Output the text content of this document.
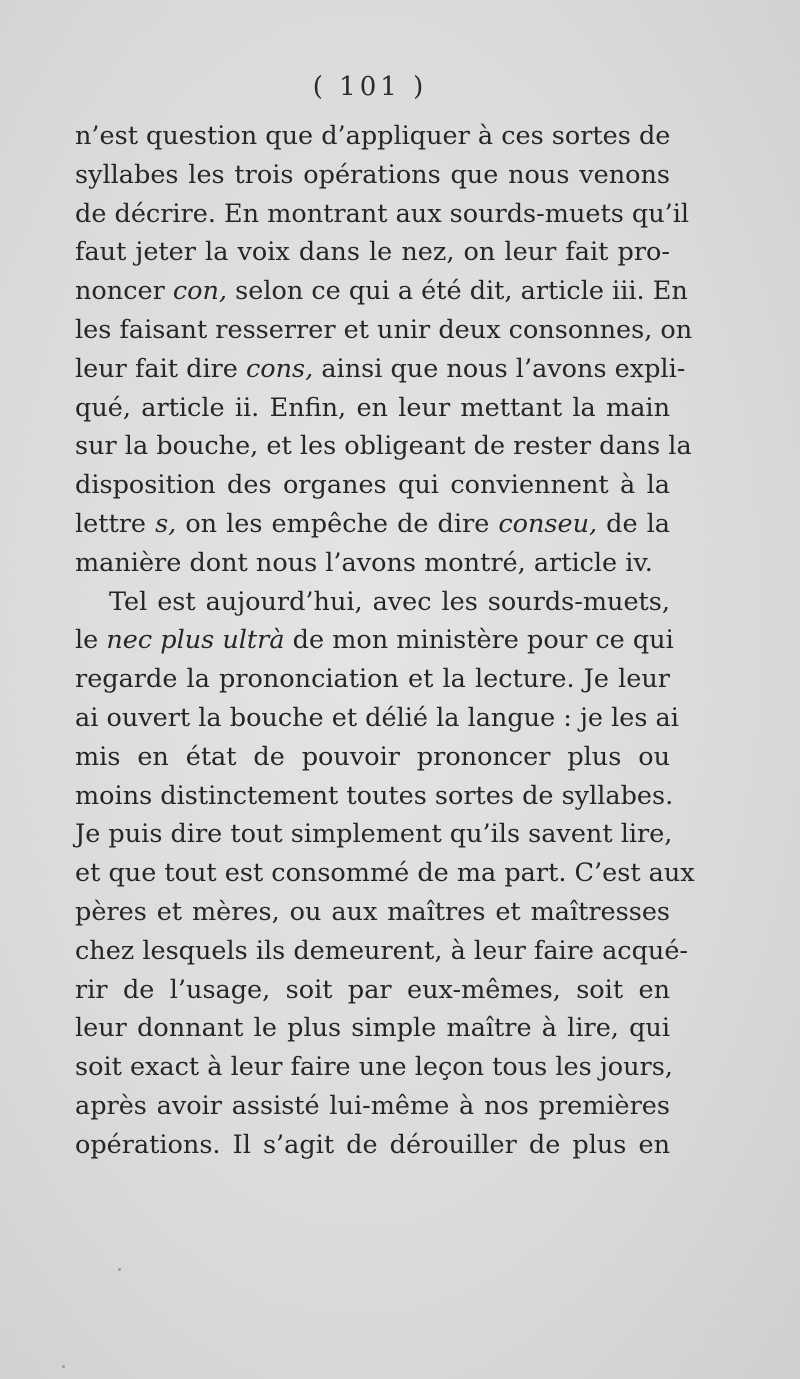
( 101 )
n’est question que d’appliquer à ces sortes de
syllabes les trois opérations que nous venons
de décrire. En montrant aux sourds-muets qu’il
faut jeter la voix dans le nez, on leur fait pro-
noncer con, selon ce qui a été dit, article iii. En
les faisant resserrer et unir deux consonnes, on
leur fait dire cons, ainsi que nous l’avons expli-
qué, article ii. Enfin, en leur mettant la main
sur la bouche, et les obligeant de rester dans la
disposition des organes qui conviennent à la
lettre s, on les empêche de dire conseu, de la
manière dont nous l’avons montré, article iv.
Tel est aujourd’hui, avec les sourds-muets,
le nec plus ultrà de mon ministère pour ce qui
regarde la prononciation et la lecture. Je leur
ai ouvert la bouche et délié la langue : je les ai
mis en état de pouvoir prononcer plus ou
moins distinctement toutes sortes de syllabes.
Je puis dire tout simplement qu’ils savent lire,
et que tout est consommé de ma part. C’est aux
pères et mères, ou aux maîtres et maîtresses
chez lesquels ils demeurent, à leur faire acqué-
rir de l’usage, soit par eux-mêmes, soit en
leur donnant le plus simple maître à lire, qui
soit exact à leur faire une leçon tous les jours,
après avoir assisté lui-même à nos premières
opérations. Il s’agit de dérouiller de plus en
